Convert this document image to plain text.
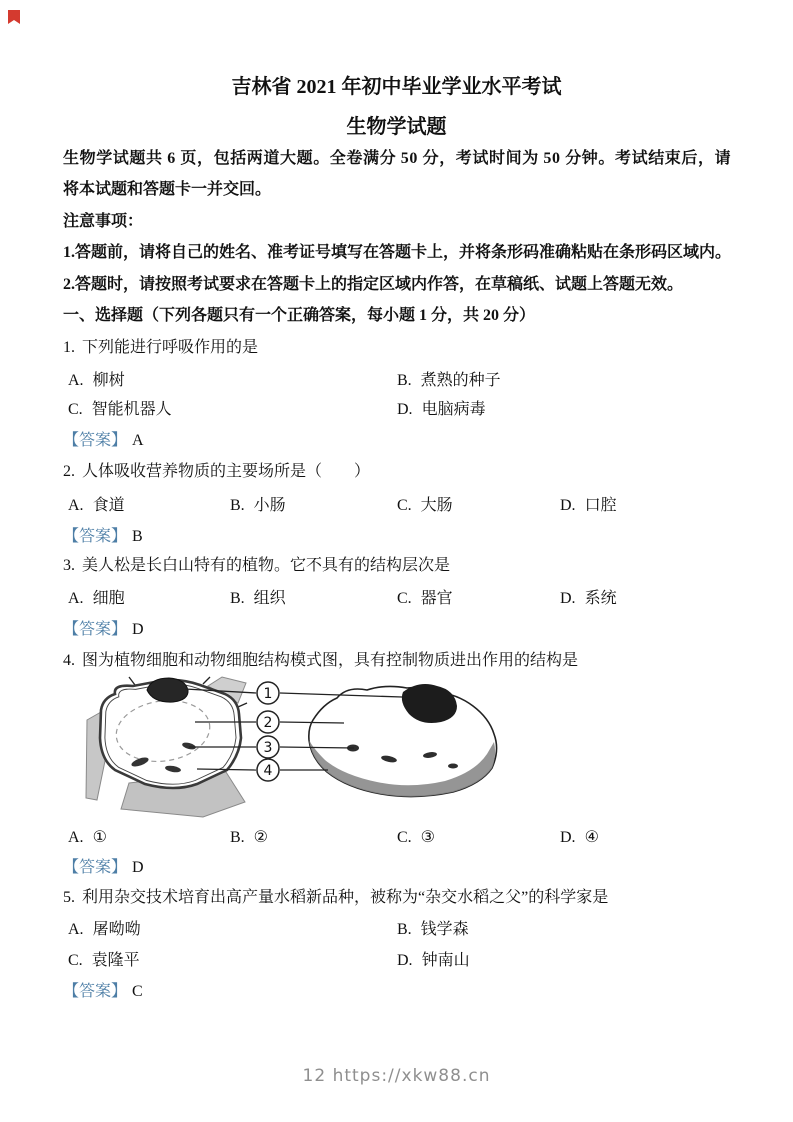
吉林省 2021 年初中毕业学业水平考试
生物学试题
生物学试题共 6 页，包括两道大题。全卷满分 50 分，考试时间为 50 分钟。考试结束后，请
将本试题和答题卡一并交回。
注意事项：
1.答题前，请将自己的姓名、准考证号填写在答题卡上，并将条形码准确粘贴在条形码区域内。
2.答题时，请按照考试要求在答题卡上的指定区域内作答，在草稿纸、试题上答题无效。
一、选择题（下列各题只有一个正确答案，每小题 1 分，共 20 分）
1. 下列能进行呼吸作用的是
A. 柳树	B. 煮熟的种子
C. 智能机器人	D. 电脑病毒
【答案】 A
2. 人体吸收营养物质的主要场所是（　　）
A. 食道	B. 小肠	C. 大肠	D. 口腔
【答案】 B
3. 美人松是长白山特有的植物。它不具有的结构层次是
A. 细胞	B. 组织	C. 器官	D. 系统
【答案】 D
4. 图为植物细胞和动物细胞结构模式图，具有控制物质进出作用的结构是
1
2
3
4
A. ①	B. ②	C. ③	D. ④
【答案】 D
5. 利用杂交技术培育出高产量水稻新品种，被称为“杂交水稻之父”的科学家是
A. 屠呦呦	B. 钱学森
C. 袁隆平	D. 钟南山
【答案】 C
12 https://xkw88.cn
